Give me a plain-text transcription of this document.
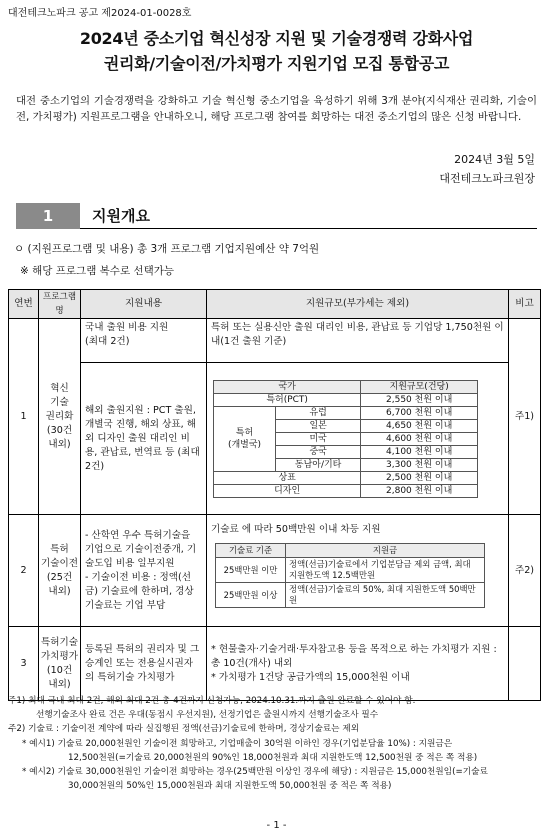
대전테크노파크 공고 제2024-01-0028호
2024년 중소기업 혁신성장 지원 및 기술경쟁력 강화사업
권리화/기술이전/가치평가 지원기업 모집 통합공고
대전 중소기업의 기술경쟁력을 강화하고 기술 혁신형 중소기업을 육성하기 위해 3개 분야(지식재산 권리화, 기술이전, 가치평가) 지원프로그램을 안내하오니, 해당 프로그램 참여를 희망하는 대전 중소기업의 많은 신청 바랍니다.
2024년 3월 5일
대전테크노파크원장
1	지원개요
ㅇ (지원프로그램 및 내용) 총 3개 프로그램 기업지원예산 약 7억원
※ 해당 프로그램 복수로 선택가능
연번	프로그램명	지원내용	지원규모(부가세는 제외)	비고
1	혁신
기술
권리화
(30건
내외)	국내 출원 비용 지원
(최대 2건)	특허 또는 실용신안 출원 대리인 비용, 관납료 등 기업당 1,750천원 이내(1건 출원 기준)	주1)
해외 출원지원 : PCT 출원, 개별국 진행, 해외 상표, 해외 디자인 출원 대리인 비용, 관납료, 번역료 등 (최대 2건)	
국가	지원규모(건당)
특허(PCT)	2,550 천원 이내
특허
(개별국)	유럽	6,700 천원 이내
일본	4,650 천원 이내
미국	4,600 천원 이내
중국	4,100 천원 이내
동남아/기타	3,300 천원 이내
상표	2,500 천원 이내
디자인	2,800 천원 이내

2	특허
기술이전
(25건
내외)	- 산학연 우수 특허기술을 기업으로 기술이전중개, 기술도입 비용 일부지원
- 기술이전 비용 : 정액(선금) 기술료에 한하며, 경상기술료는 기업 부담	
기술료 에 따라 50백만원 이내 차등 지원
기술료 기준	지원금
25백만원 이만	정액(선금)기술료에서 기업분담금 제외 금액, 최대 지원한도액 12.5백만원
25백만원 이상	정액(선금)기술료의 50%, 최대 지원한도액 50백만원
	주2)
3	특허기술
가치평가
(10건
내외)	등록된 특허의 권리자 및 그 승계인 또는 전용실시권자의 특허기술 가치평가	
* 현물출자·기술거래·투자참고용 등을 목적으로 하는 가치평가 지원 : 총 10건(개사) 내외
* 가치평가 1건당 공급가액의 15,000천원 이내

주1) 최대 국내 최대 2건, 해외 최대 2건 총 4건까지 신청가능, 2024.10.31.까지 출원 완료할 수 있어야 함.
선행기술조사 완료 건은 우대(동점시 우선지원), 선정기업은 출원시까지 선행기술조사 필수
주2) 기술료 : 기술이전 계약에 따라 실집행된 정액(선금)기술료에 한하며, 경상기술료는 제외
* 예시1) 기술료 20,000천원인 기술이전 희망하고, 기업매출이 30억원 이하인 경우(기업분담율 10%) : 지원금은
12,500천원(=기술료 20,000천원의 90%인 18,000천원과 최대 지원한도액 12,500천원 중 적은 쪽 적용)
* 예시2) 기술료 30,000천원인 기술이전 희망하는 경우(25백만원 이상인 경우에 해당) : 지원금은 15,000천원임(=기술료
30,000천원의 50%인 15,000천원과 최대 지원한도액 50,000천원 중 적은 쪽 적용)
- 1 -
